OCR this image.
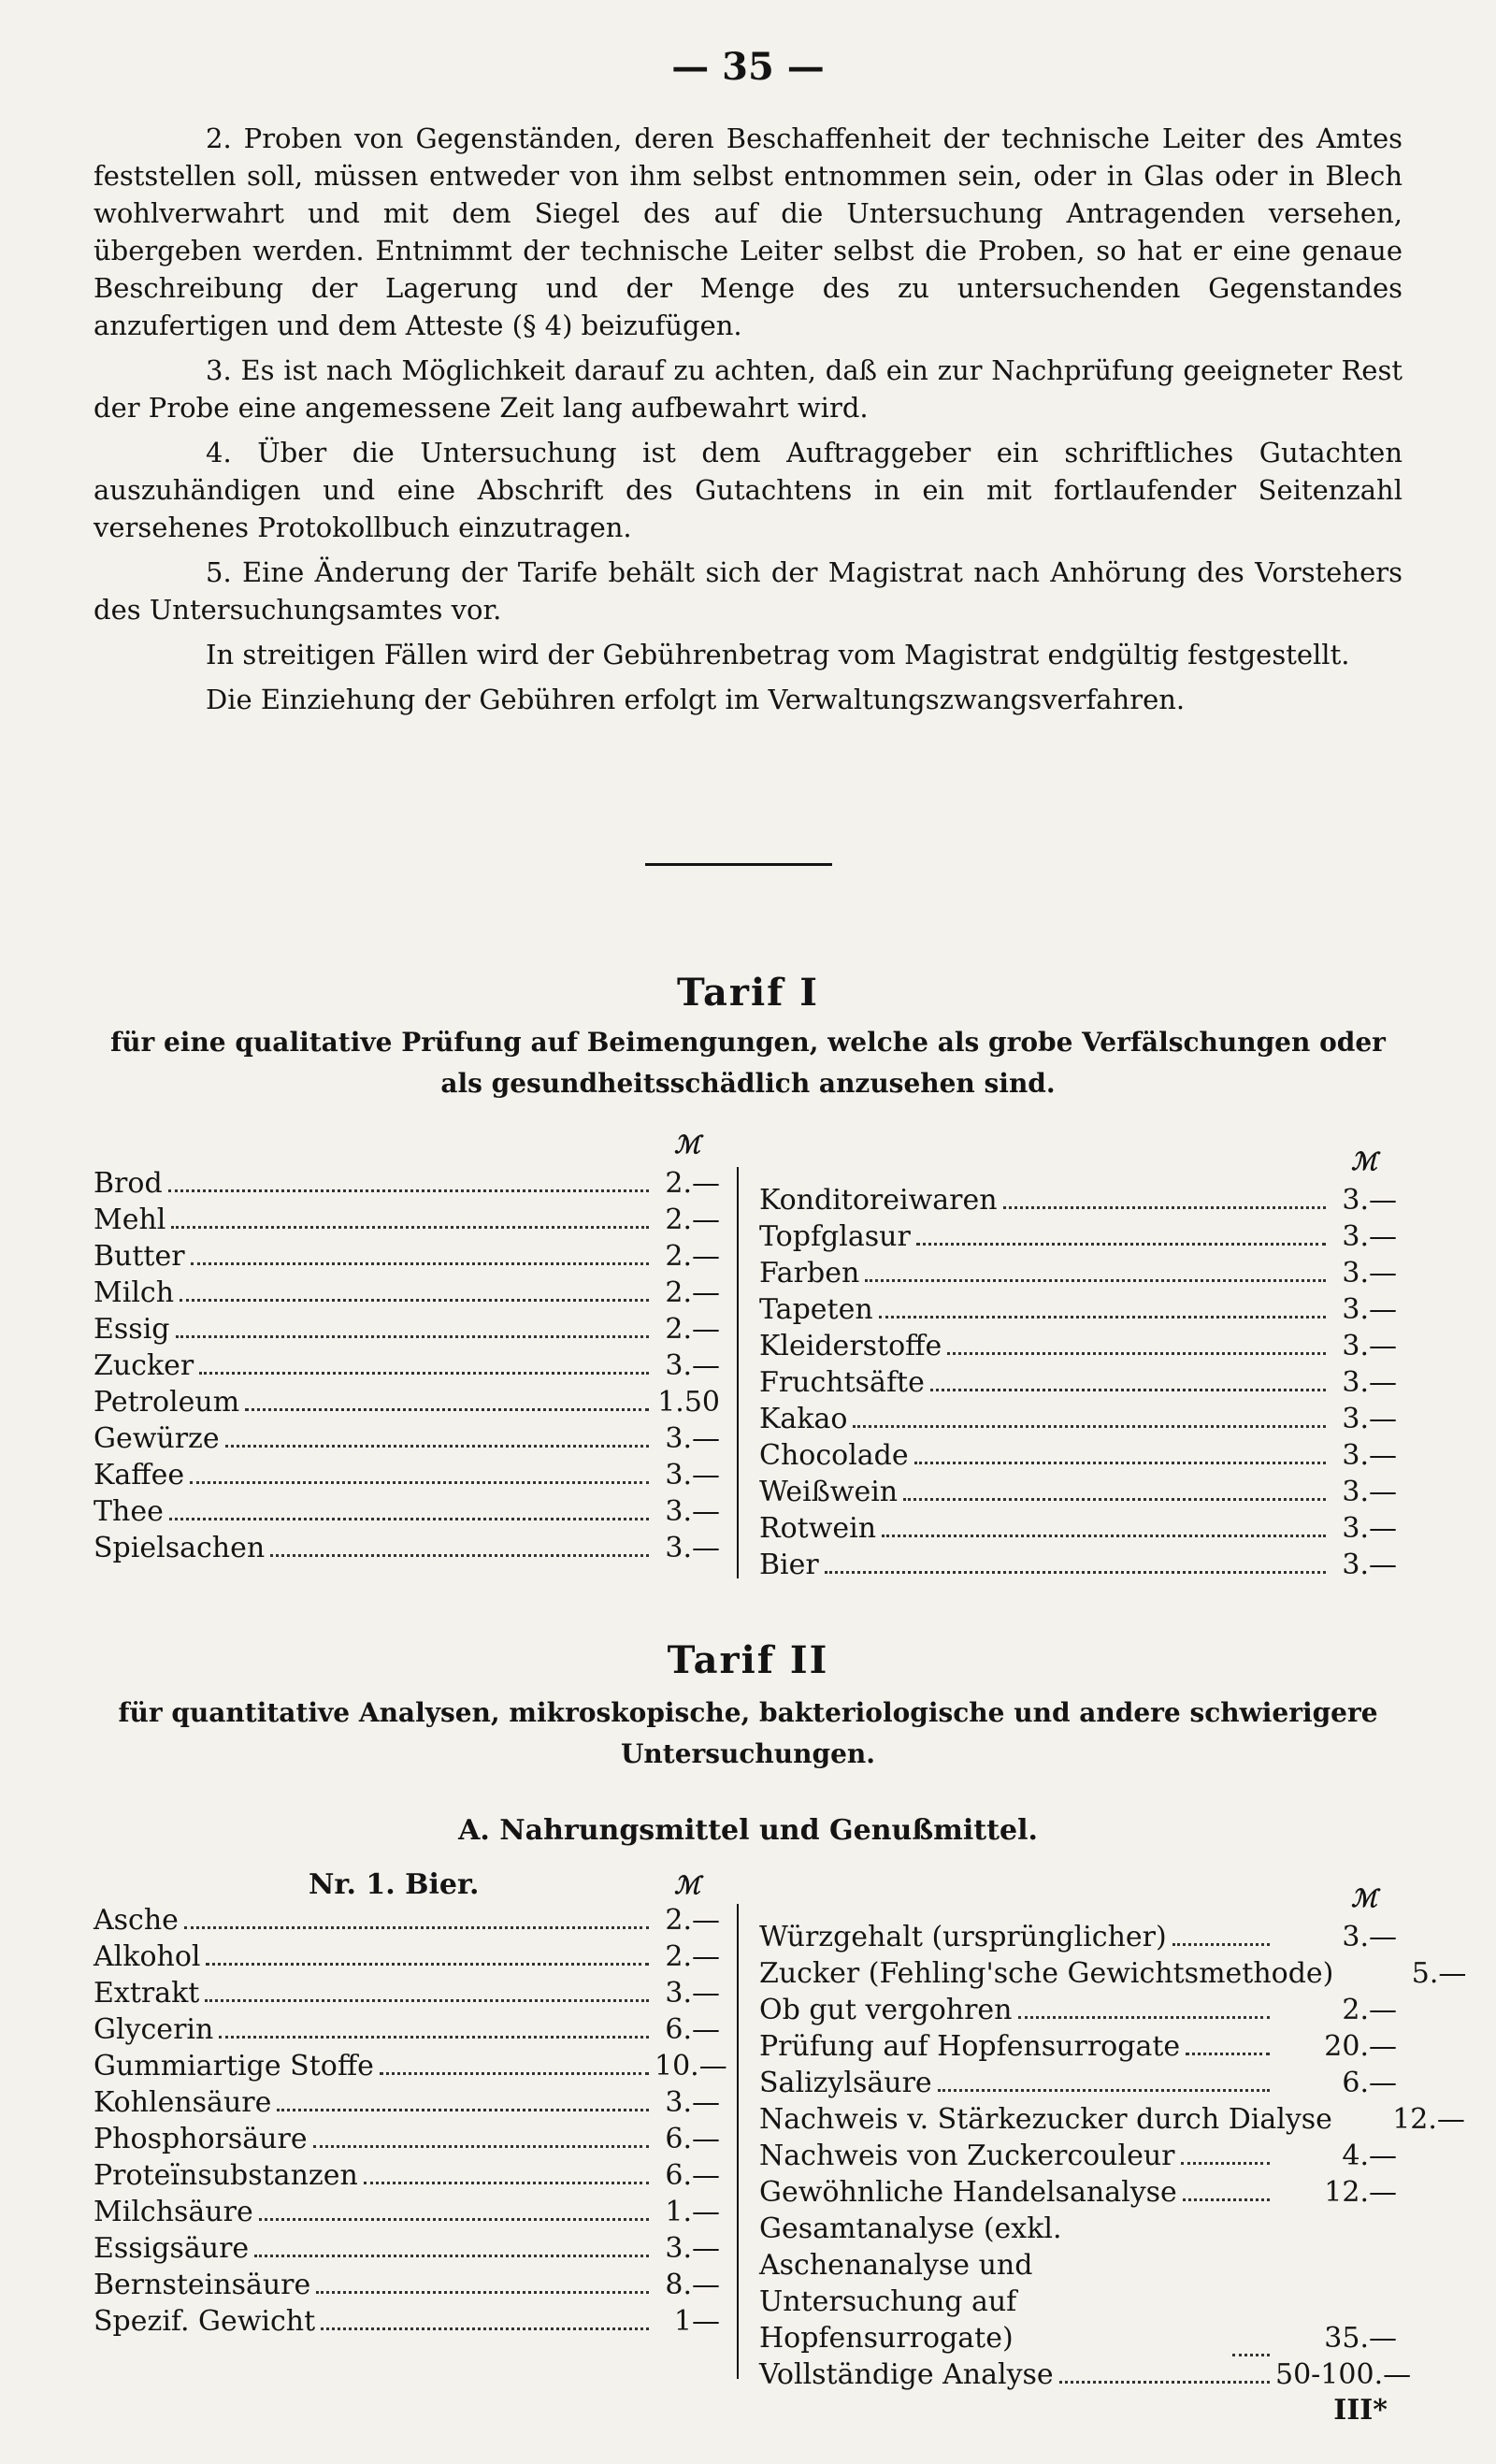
— 35 —

2. Proben von Gegenständen, deren Beschaffenheit der technische Leiter des Amtes feststellen soll, müssen entweder von ihm selbst entnommen sein, oder in Glas oder in Blech wohlverwahrt und mit dem Siegel des auf die Untersuchung Antragenden versehen, übergeben werden. Entnimmt der technische Leiter selbst die Proben, so hat er eine genaue Beschreibung der Lagerung und der Menge des zu untersuchenden Gegenstandes anzufertigen und dem Atteste (§ 4) beizufügen.

3. Es ist nach Möglichkeit darauf zu achten, daß ein zur Nachprüfung geeigneter Rest der Probe eine angemessene Zeit lang aufbewahrt wird.

4. Über die Untersuchung ist dem Auftraggeber ein schriftliches Gutachten auszuhändigen und eine Abschrift des Gutachtens in ein mit fortlaufender Seitenzahl versehenes Protokollbuch einzutragen.

5. Eine Änderung der Tarife behält sich der Magistrat nach Anhörung des Vorstehers des Untersuchungsamtes vor.

In streitigen Fällen wird der Gebührenbetrag vom Magistrat endgültig festgestellt.

Die Einziehung der Gebühren erfolgt im Verwaltungszwangsverfahren.

Tarif I
für eine qualitative Prüfung auf Beimengungen, welche als grobe Verfälschungen oder als gesundheitsschädlich anzusehen sind.
ℳ
Brod	2.—
Mehl	2.—
Butter	2.—
Milch	2.—
Essig	2.—
Zucker	3.—
Petroleum	1.50
Gewürze	3.—
Kaffee	3.—
Thee	3.—
Spielsachen	3.—
ℳ
Konditoreiwaren	3.—
Topfglasur	3.—
Farben	3.—
Tapeten	3.—
Kleiderstoffe	3.—
Fruchtsäfte	3.—
Kakao	3.—
Chocolade	3.—
Weißwein	3.—
Rotwein	3.—
Bier	3.—
Tarif II
für quantitative Analysen, mikroskopische, bakteriologische und andere schwierigere Untersuchungen.
A. Nahrungsmittel und Genußmittel.
Nr. 1. Bier.	ℳ
Asche	2.—
Alkohol	2.—
Extrakt	3.—
Glycerin	6.—
Gummiartige Stoffe	10.—
Kohlensäure	3.—
Phosphorsäure	6.—
Proteïnsubstanzen	6.—
Milchsäure	1.—
Essigsäure	3.—
Bernsteinsäure	8.—
Spezif. Gewicht	1—
ℳ
Würzgehalt (ursprünglicher)	3.—
Zucker (Fehling'sche Gewichtsmethode)	5.—
Ob gut vergohren	2.—
Prüfung auf Hopfensurrogate	20.—
Salizylsäure	6.—
Nachweis v. Stärkezucker durch Dialyse	12.—
Nachweis von Zuckercouleur	4.—
Gewöhnliche Handelsanalyse	12.—
Gesamtanalyse (exkl. Aschenanalyse und Untersuchung auf Hopfensurrogate)	35.—
Vollständige Analyse	50-100.—
III*
